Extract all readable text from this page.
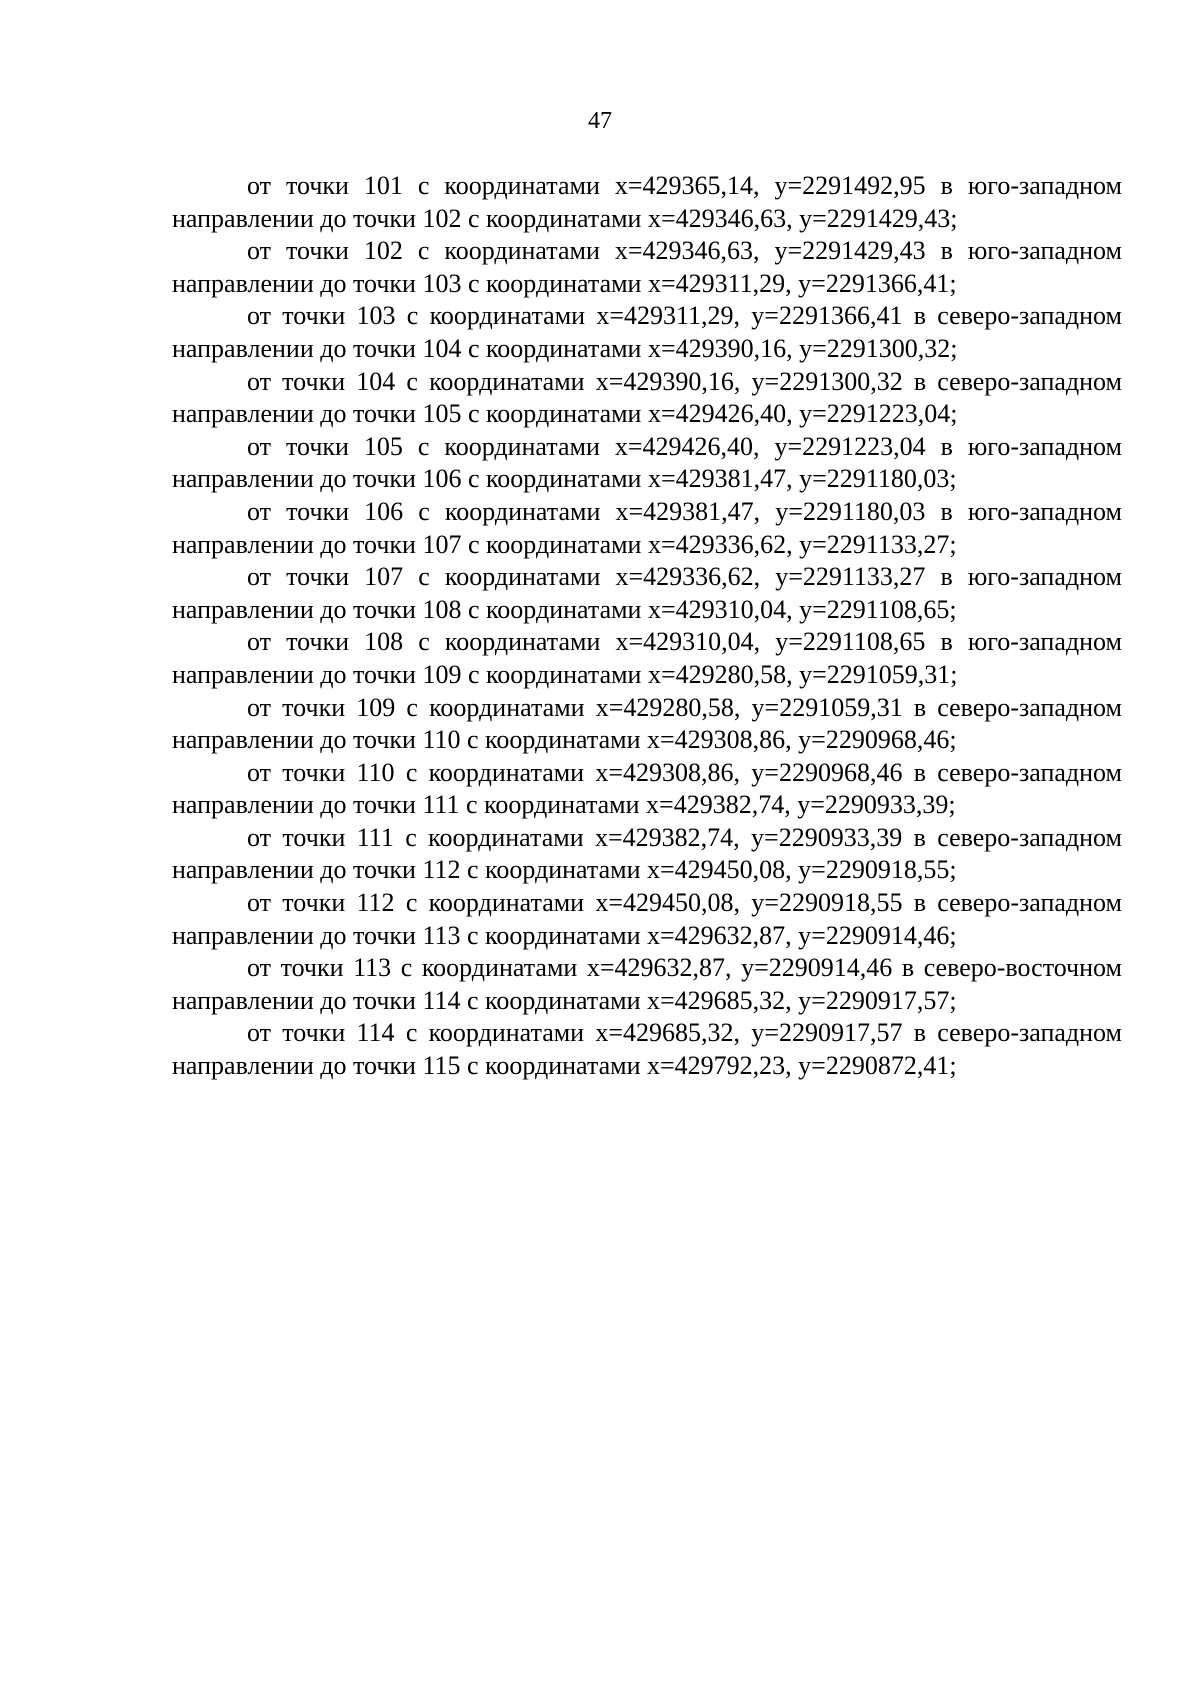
47

от точки 101 с координатами x=429365,14, y=2291492,95 в юго-западном направлении до точки 102 с координатами x=429346,63, y=2291429,43;

от точки 102 с координатами x=429346,63, y=2291429,43 в юго-западном направлении до точки 103 с координатами x=429311,29, y=2291366,41;

от точки 103 с координатами x=429311,29, y=2291366,41 в северо-западном направлении до точки 104 с координатами x=429390,16, y=2291300,32;

от точки 104 с координатами x=429390,16, y=2291300,32 в северо-западном направлении до точки 105 с координатами x=429426,40, y=2291223,04;

от точки 105 с координатами x=429426,40, y=2291223,04 в юго-западном направлении до точки 106 с координатами x=429381,47, y=2291180,03;

от точки 106 с координатами x=429381,47, y=2291180,03 в юго-западном направлении до точки 107 с координатами x=429336,62, y=2291133,27;

от точки 107 с координатами x=429336,62, y=2291133,27 в юго-западном направлении до точки 108 с координатами x=429310,04, y=2291108,65;

от точки 108 с координатами x=429310,04, y=2291108,65 в юго-западном направлении до точки 109 с координатами x=429280,58, y=2291059,31;

от точки 109 с координатами x=429280,58, y=2291059,31 в северо-западном направлении до точки 110 с координатами x=429308,86, y=2290968,46;

от точки 110 с координатами x=429308,86, y=2290968,46 в северо-западном направлении до точки 111 с координатами x=429382,74, y=2290933,39;

от точки 111 с координатами x=429382,74, y=2290933,39 в северо-западном направлении до точки 112 с координатами x=429450,08, y=2290918,55;

от точки 112 с координатами x=429450,08, y=2290918,55 в северо-западном направлении до точки 113 с координатами x=429632,87, y=2290914,46;

от точки 113 с координатами x=429632,87, y=2290914,46 в северо-восточном направлении до точки 114 с координатами x=429685,32, y=2290917,57;

от точки 114 с координатами x=429685,32, y=2290917,57 в северо-западном направлении до точки 115 с координатами x=429792,23, y=2290872,41;
